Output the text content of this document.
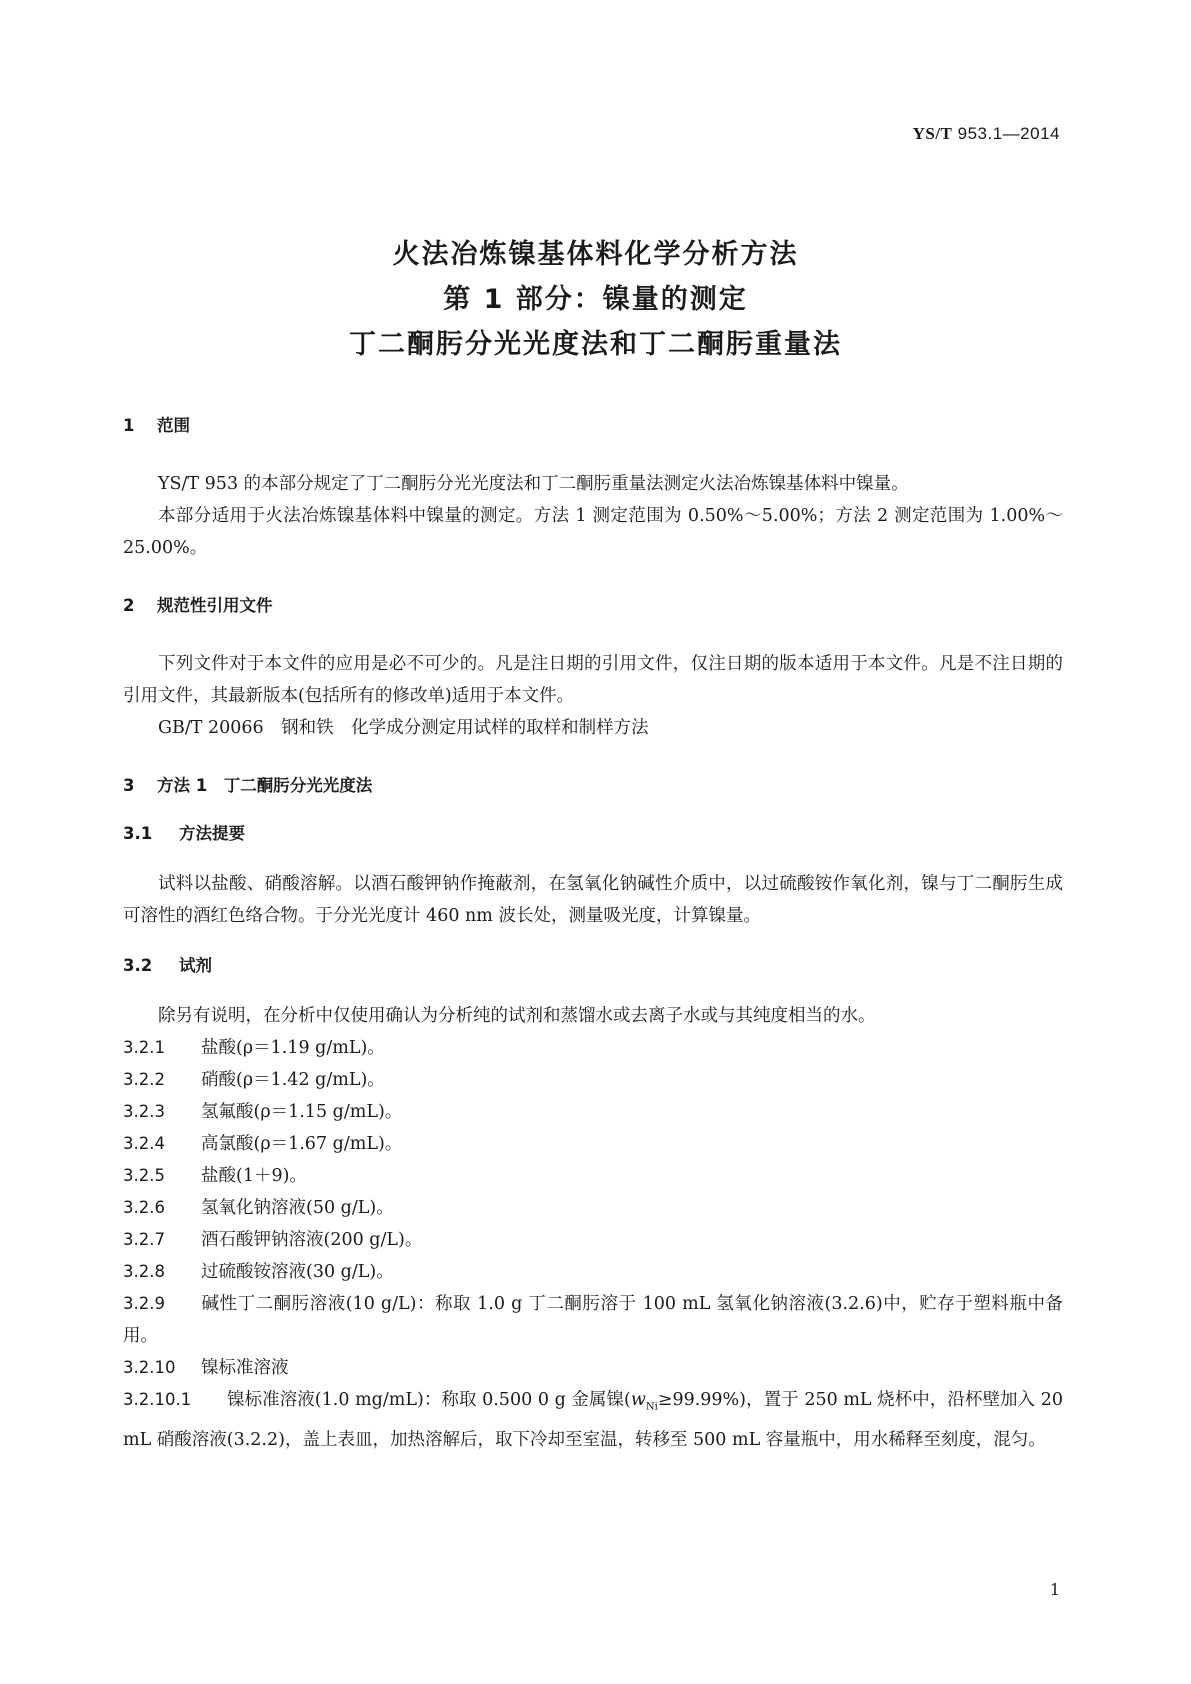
YS/T 953.1—2014
火法冶炼镍基体料化学分析方法
第 1 部分：镍量的测定
丁二酮肟分光光度法和丁二酮肟重量法
1 范围

YS/T 953 的本部分规定了丁二酮肟分光光度法和丁二酮肟重量法测定火法冶炼镍基体料中镍量。

本部分适用于火法冶炼镍基体料中镍量的测定。方法 1 测定范围为 0.50%～5.00%；方法 2 测定范围为 1.00%～25.00%。

2 规范性引用文件

下列文件对于本文件的应用是必不可少的。凡是注日期的引用文件，仅注日期的版本适用于本文件。凡是不注日期的引用文件，其最新版本(包括所有的修改单)适用于本文件。

GB/T 20066　钢和铁　化学成分测定用试样的取样和制样方法

3 方法 1　丁二酮肟分光光度法
3.1 方法提要

试料以盐酸、硝酸溶解。以酒石酸钾钠作掩蔽剂，在氢氧化钠碱性介质中，以过硫酸铵作氧化剂，镍与丁二酮肟生成可溶性的酒红色络合物。于分光光度计 460 nm 波长处，测量吸光度，计算镍量。

3.2 试剂

除另有说明，在分析中仅使用确认为分析纯的试剂和蒸馏水或去离子水或与其纯度相当的水。

3.2.1 盐酸(ρ＝1.19 g/mL)。

3.2.2 硝酸(ρ＝1.42 g/mL)。

3.2.3 氢氟酸(ρ＝1.15 g/mL)。

3.2.4 高氯酸(ρ＝1.67 g/mL)。

3.2.5 盐酸(1＋9)。

3.2.6 氢氧化钠溶液(50 g/L)。

3.2.7 酒石酸钾钠溶液(200 g/L)。

3.2.8 过硫酸铵溶液(30 g/L)。

3.2.9 碱性丁二酮肟溶液(10 g/L)：称取 1.0 g 丁二酮肟溶于 100 mL 氢氧化钠溶液(3.2.6)中，贮存于塑料瓶中备用。

3.2.10 镍标准溶液

3.2.10.1 镍标准溶液(1.0 mg/mL)：称取 0.500 0 g 金属镍$(w_{Ni}\ge 99.99\%)$，置于 250 mL 烧杯中，沿杯壁加入 20 mL 硝酸溶液(3.2.2)，盖上表皿，加热溶解后，取下冷却至室温，转移至 500 mL 容量瓶中，用水稀释至刻度，混匀。

1
